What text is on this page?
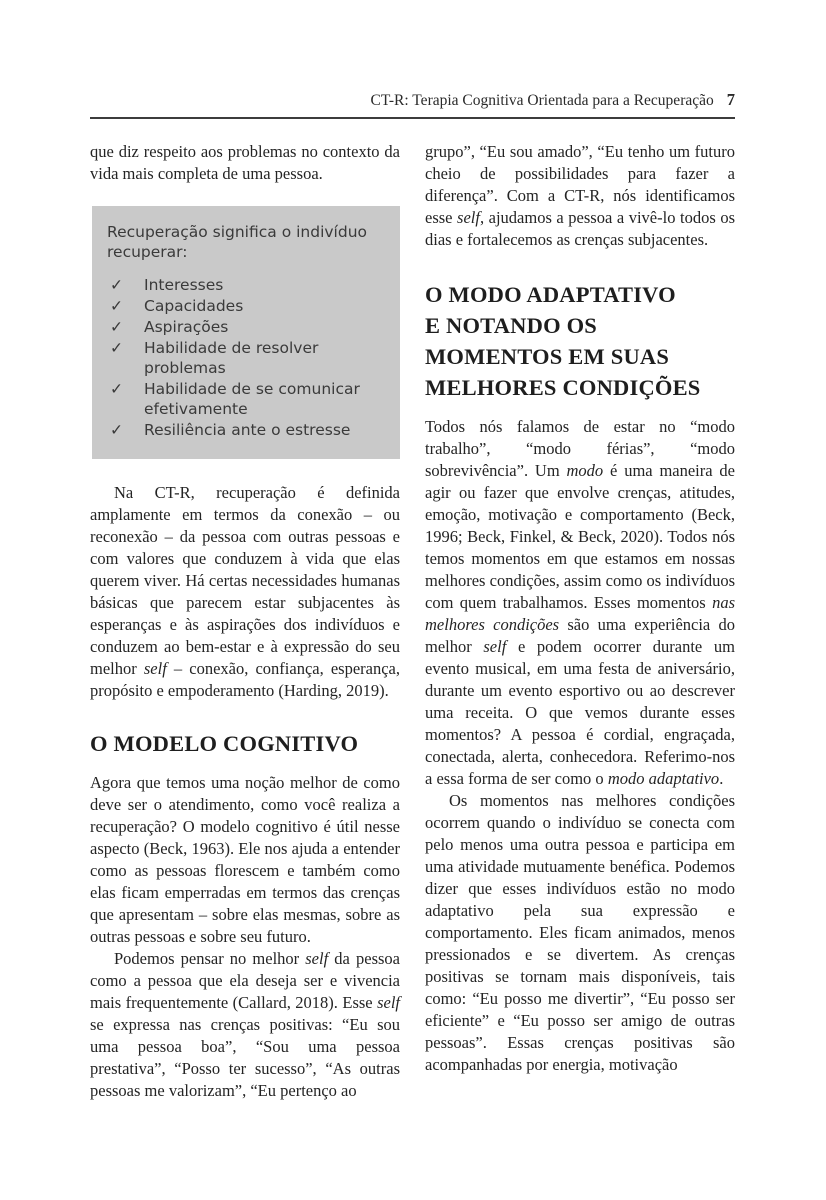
CT-R: Terapia Cognitiva Orientada para a Recuperação 7

que diz respeito aos problemas no contexto da vida mais completa de uma pessoa.

Recuperação significa o indivíduo recuperar:

✓	Interesses
✓	Capacidades
✓	Aspirações
✓	Habilidade de resolver problemas
✓	Habilidade de se comunicar efetivamente
✓	Resiliência ante o estresse

Na CT-R, recuperação é definida amplamente em termos da conexão – ou reconexão – da pessoa com outras pessoas e com valores que conduzem à vida que elas querem viver. Há certas necessidades humanas básicas que parecem estar subjacentes às esperanças e às aspirações dos indivíduos e conduzem ao bem-estar e à expressão do seu melhor self – conexão, confiança, esperança, propósito e empoderamento (Harding, 2019).

O MODELO COGNITIVO

Agora que temos uma noção melhor de como deve ser o atendimento, como você realiza a recuperação? O modelo cognitivo é útil nesse aspecto (Beck, 1963). Ele nos ajuda a entender como as pessoas florescem e também como elas ficam emperradas em termos das crenças que apresentam – sobre elas mesmas, sobre as outras pessoas e sobre seu futuro.

Podemos pensar no melhor self da pessoa como a pessoa que ela deseja ser e vivencia mais frequentemente (Callard, 2018). Esse self se expressa nas crenças positivas: “Eu sou uma pessoa boa”, “Sou uma pessoa prestativa”, “Posso ter sucesso”, “As outras pessoas me valorizam”, “Eu pertenço ao

grupo”, “Eu sou amado”, “Eu tenho um futuro cheio de possibilidades para fazer a diferença”. Com a CT-R, nós identificamos esse self, ajudamos a pessoa a vivê-lo todos os dias e fortalecemos as crenças subjacentes.

O MODO ADAPTATIVO
E NOTANDO OS
MOMENTOS EM SUAS
MELHORES CONDIÇÕES

Todos nós falamos de estar no “modo trabalho”, “modo férias”, “modo sobrevivência”. Um modo é uma maneira de agir ou fazer que envolve crenças, atitudes, emoção, motivação e comportamento (Beck, 1996; Beck, Finkel, & Beck, 2020). Todos nós temos momentos em que estamos em nossas melhores condições, assim como os indivíduos com quem trabalhamos. Esses momentos nas melhores condições são uma experiência do melhor self e podem ocorrer durante um evento musical, em uma festa de aniversário, durante um evento esportivo ou ao descrever uma receita. O que vemos durante esses momentos? A pessoa é cordial, engraçada, conectada, alerta, conhecedora. Referimo-nos a essa forma de ser como o modo adaptativo.

Os momentos nas melhores condições ocorrem quando o indivíduo se conecta com pelo menos uma outra pessoa e participa em uma atividade mutuamente benéfica. Podemos dizer que esses indivíduos estão no modo adaptativo pela sua expressão e comportamento. Eles ficam animados, menos pressionados e se divertem. As crenças positivas se tornam mais disponíveis, tais como: “Eu posso me divertir”, “Eu posso ser eficiente” e “Eu posso ser amigo de outras pessoas”. Essas crenças positivas são acompanhadas por energia, motivação
